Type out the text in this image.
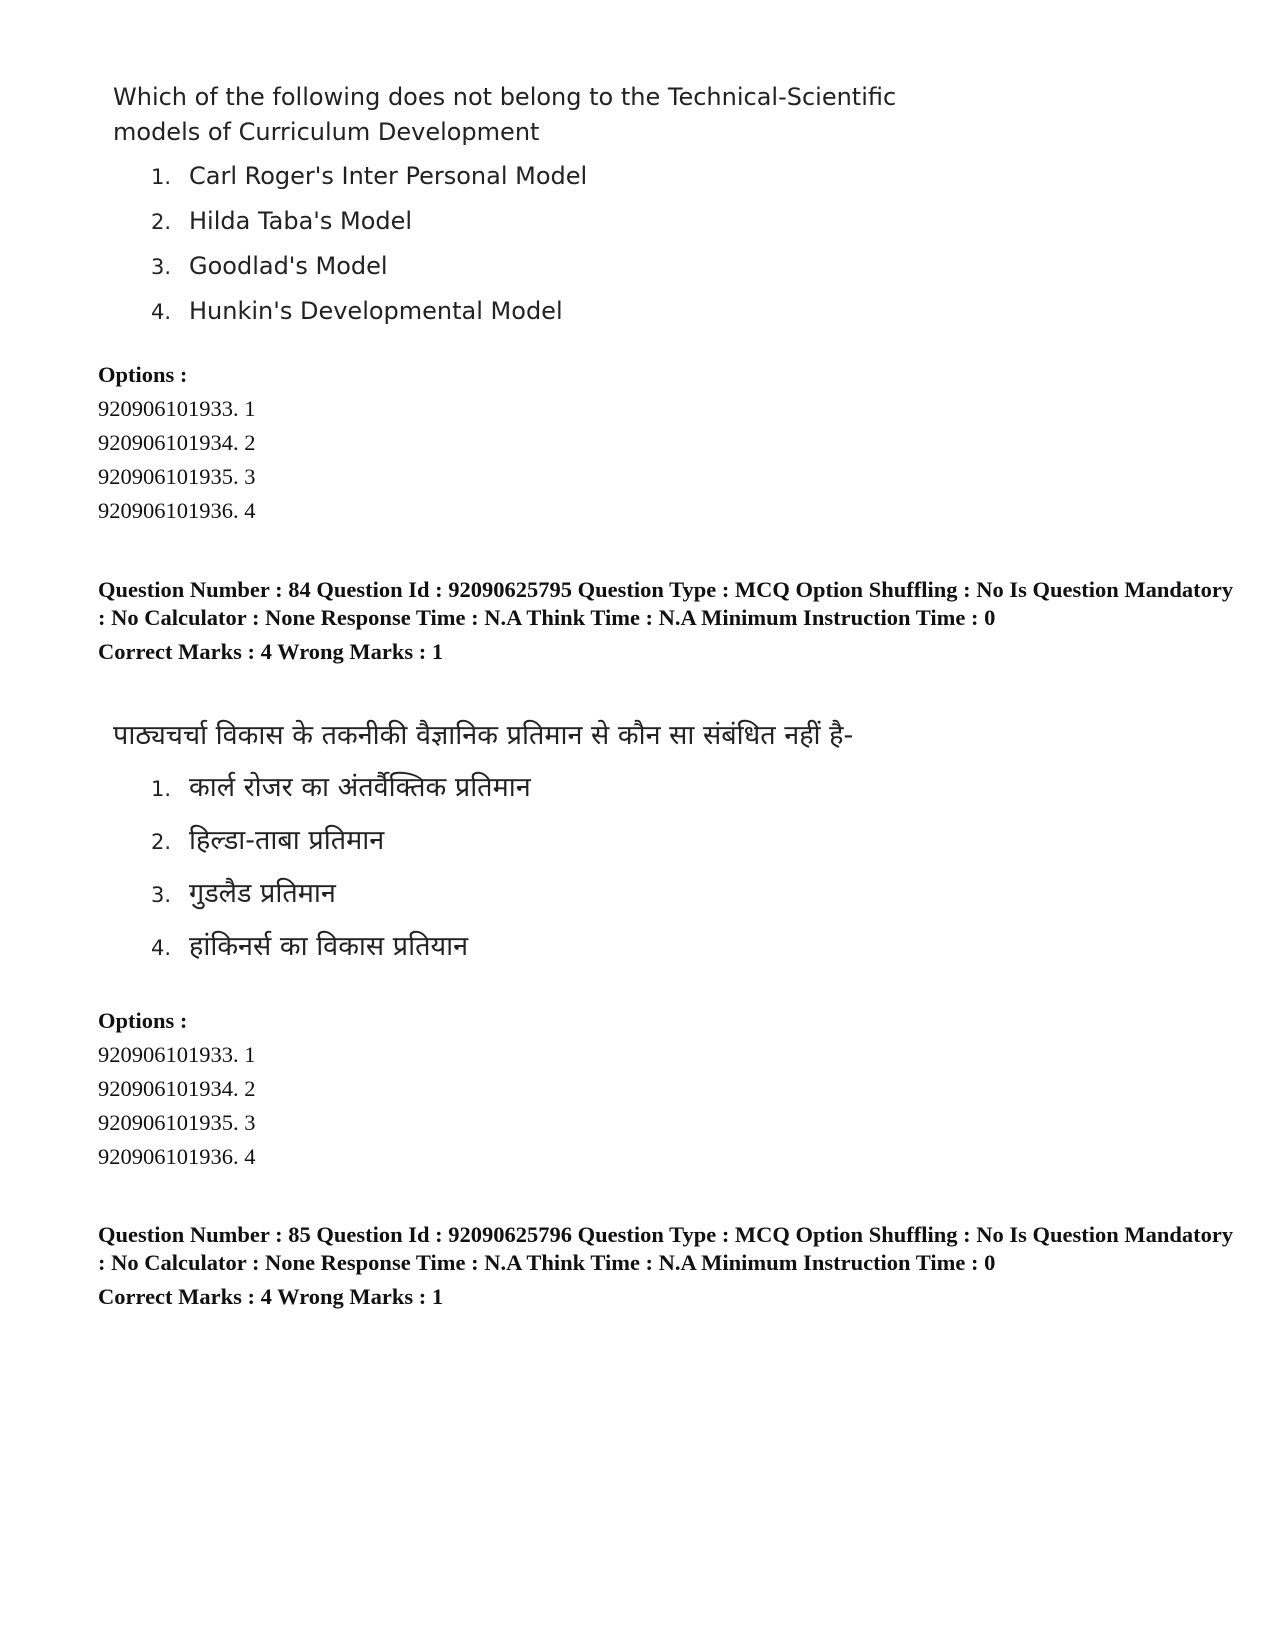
Which of the following does not belong to the Technical-Scientific models of Curriculum Development

1. Carl Roger's Inter Personal Model
2. Hilda Taba's Model
3. Goodlad's Model
4. Hunkin's Developmental Model

Options :

920906101933. 1

920906101934. 2

920906101935. 3

920906101936. 4

Question Number : 84 Question Id : 92090625795 Question Type : MCQ Option Shuffling : No Is Question Mandatory : No Calculator : None Response Time : N.A Think Time : N.A Minimum Instruction Time : 0

Correct Marks : 4 Wrong Marks : 1

पाठ्यचर्चा विकास के तकनीकी वैज्ञानिक प्रतिमान से कौन सा संबंधित नहीं है-

1. कार्ल रोजर का अंतर्वैक्तिक प्रतिमान
2. हिल्डा-ताबा प्रतिमान
3. गुडलैड प्रतिमान
4. हांकिनर्स का विकास प्रतियान

Options :

920906101933. 1

920906101934. 2

920906101935. 3

920906101936. 4

Question Number : 85 Question Id : 92090625796 Question Type : MCQ Option Shuffling : No Is Question Mandatory : No Calculator : None Response Time : N.A Think Time : N.A Minimum Instruction Time : 0

Correct Marks : 4 Wrong Marks : 1
